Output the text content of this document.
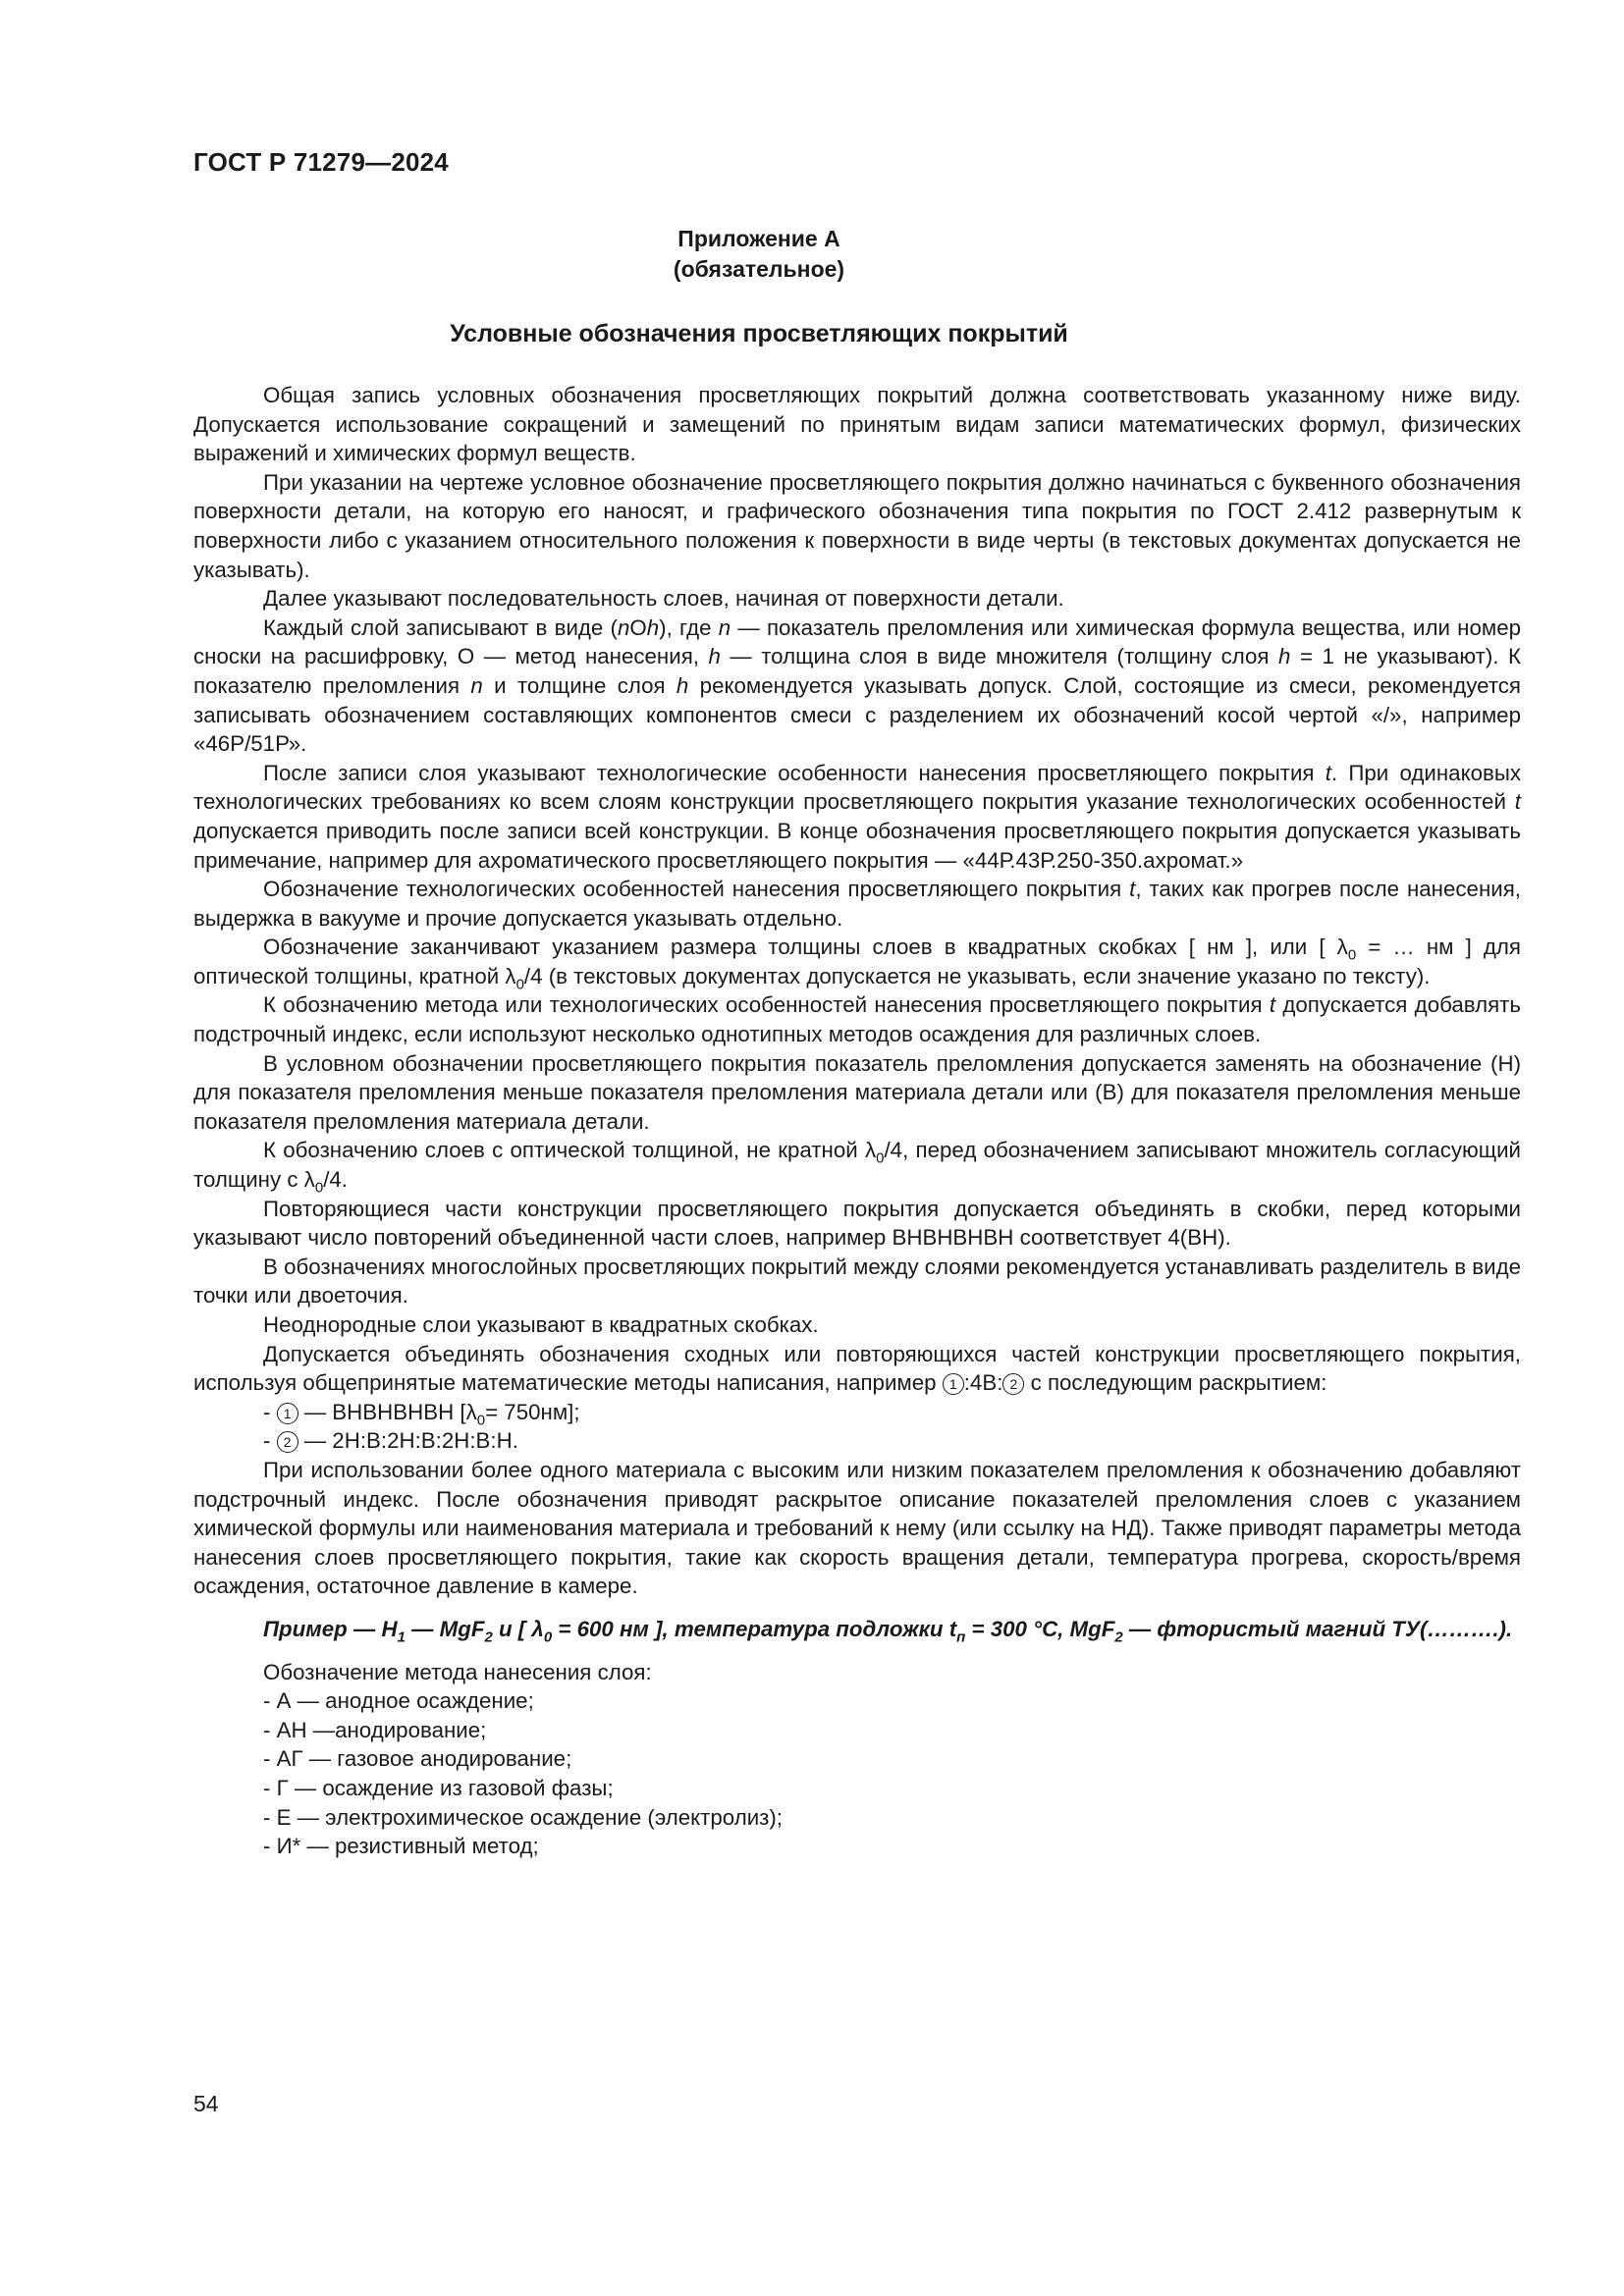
ГОСТ Р 71279—2024
Приложение А
(обязательное)
Условные обозначения просветляющих покрытий

Общая запись условных обозначения просветляющих покрытий должна соответствовать указанному ниже виду. Допускается использование сокращений и замещений по принятым видам записи математических формул, физических выражений и химических формул веществ.

При указании на чертеже условное обозначение просветляющего покрытия должно начинаться с буквенного обозначения поверхности детали, на которую его наносят, и графического обозначения типа покрытия по ГОСТ 2.412 развернутым к поверхности либо с указанием относительного положения к поверхности в виде черты (в текстовых документах допускается не указывать).

Далее указывают последовательность слоев, начиная от поверхности детали.

Каждый слой записывают в виде (nOh), где n — показатель преломления или химическая формула вещества, или номер сноски на расшифровку, O — метод нанесения, h — толщина слоя в виде множителя (толщину слоя h = 1 не указывают). К показателю преломления n и толщине слоя h рекомендуется указывать допуск. Слой, состоящие из смеси, рекомендуется записывать обозначением составляющих компонентов смеси с разделением их обозначений косой чертой «/», например «46Р/51Р».

После записи слоя указывают технологические особенности нанесения просветляющего покрытия t. При одинаковых технологических требованиях ко всем слоям конструкции просветляющего покрытия указание технологических особенностей t допускается приводить после записи всей конструкции. В конце обозначения просветляющего покрытия допускается указывать примечание, например для ахроматического просветляющего покрытия — «44Р.43Р.250-350.ахромат.»

Обозначение технологических особенностей нанесения просветляющего покрытия t, таких как прогрев после нанесения, выдержка в вакууме и прочие допускается указывать отдельно.

Обозначение заканчивают указанием размера толщины слоев в квадратных скобках [ нм ], или [ $\lambda_0$ = … нм ] для оптической толщины, кратной $\lambda_0/4$ (в текстовых документах допускается не указывать, если значение указано по тексту).

К обозначению метода или технологических особенностей нанесения просветляющего покрытия t допускается добавлять подстрочный индекс, если используют несколько однотипных методов осаждения для различных слоев.

В условном обозначении просветляющего покрытия показатель преломления допускается заменять на обозначение (Н) для показателя преломления меньше показателя преломления материала детали или (В) для показателя преломления меньше показателя преломления материала детали.

К обозначению слоев с оптической толщиной, не кратной $\lambda_0/4$, перед обозначением записывают множитель согласующий толщину с $\lambda_0/4$.

Повторяющиеся части конструкции просветляющего покрытия допускается объединять в скобки, перед которыми указывают число повторений объединенной части слоев, например ВНВНВНВН соответствует 4(ВН).

В обозначениях многослойных просветляющих покрытий между слоями рекомендуется устанавливать разделитель в виде точки или двоеточия.

Неоднородные слои указывают в квадратных скобках.

Допускается объединять обозначения сходных или повторяющихся частей конструкции просветляющего покрытия, используя общепринятые математические методы написания, например 1 :4В: 2 с последующим раскрытием:

- 1 — ВНВНВНВН $[\lambda_0= 750нм]$;

- 2 — 2Н:В:2Н:В:2Н:В:Н.

При использовании более одного материала с высоким или низким показателем преломления к обозначению добавляют подстрочный индекс. После обозначения приводят раскрытое описание показателей преломления слоев с указанием химической формулы или наименования материала и требований к нему (или ссылку на НД). Также приводят параметры метода нанесения слоев просветляющего покрытия, такие как скорость вращения детали, температура прогрева, скорость/время осаждения, остаточное давление в камере.

Пример — $H_1$ — MgF$_2$ и [ $\lambda_0 = 600$ нм ], температура подложки $t_п = 300$ °С, MgF$_2$ — фтористый магний ТУ(……….).

Обозначение метода нанесения слоя:

- А — анодное осаждение;

- АН —анодирование;

- АГ — газовое анодирование;

- Г — осаждение из газовой фазы;

- Е — электрохимическое осаждение (электролиз);

- И* — резистивный метод;

54
